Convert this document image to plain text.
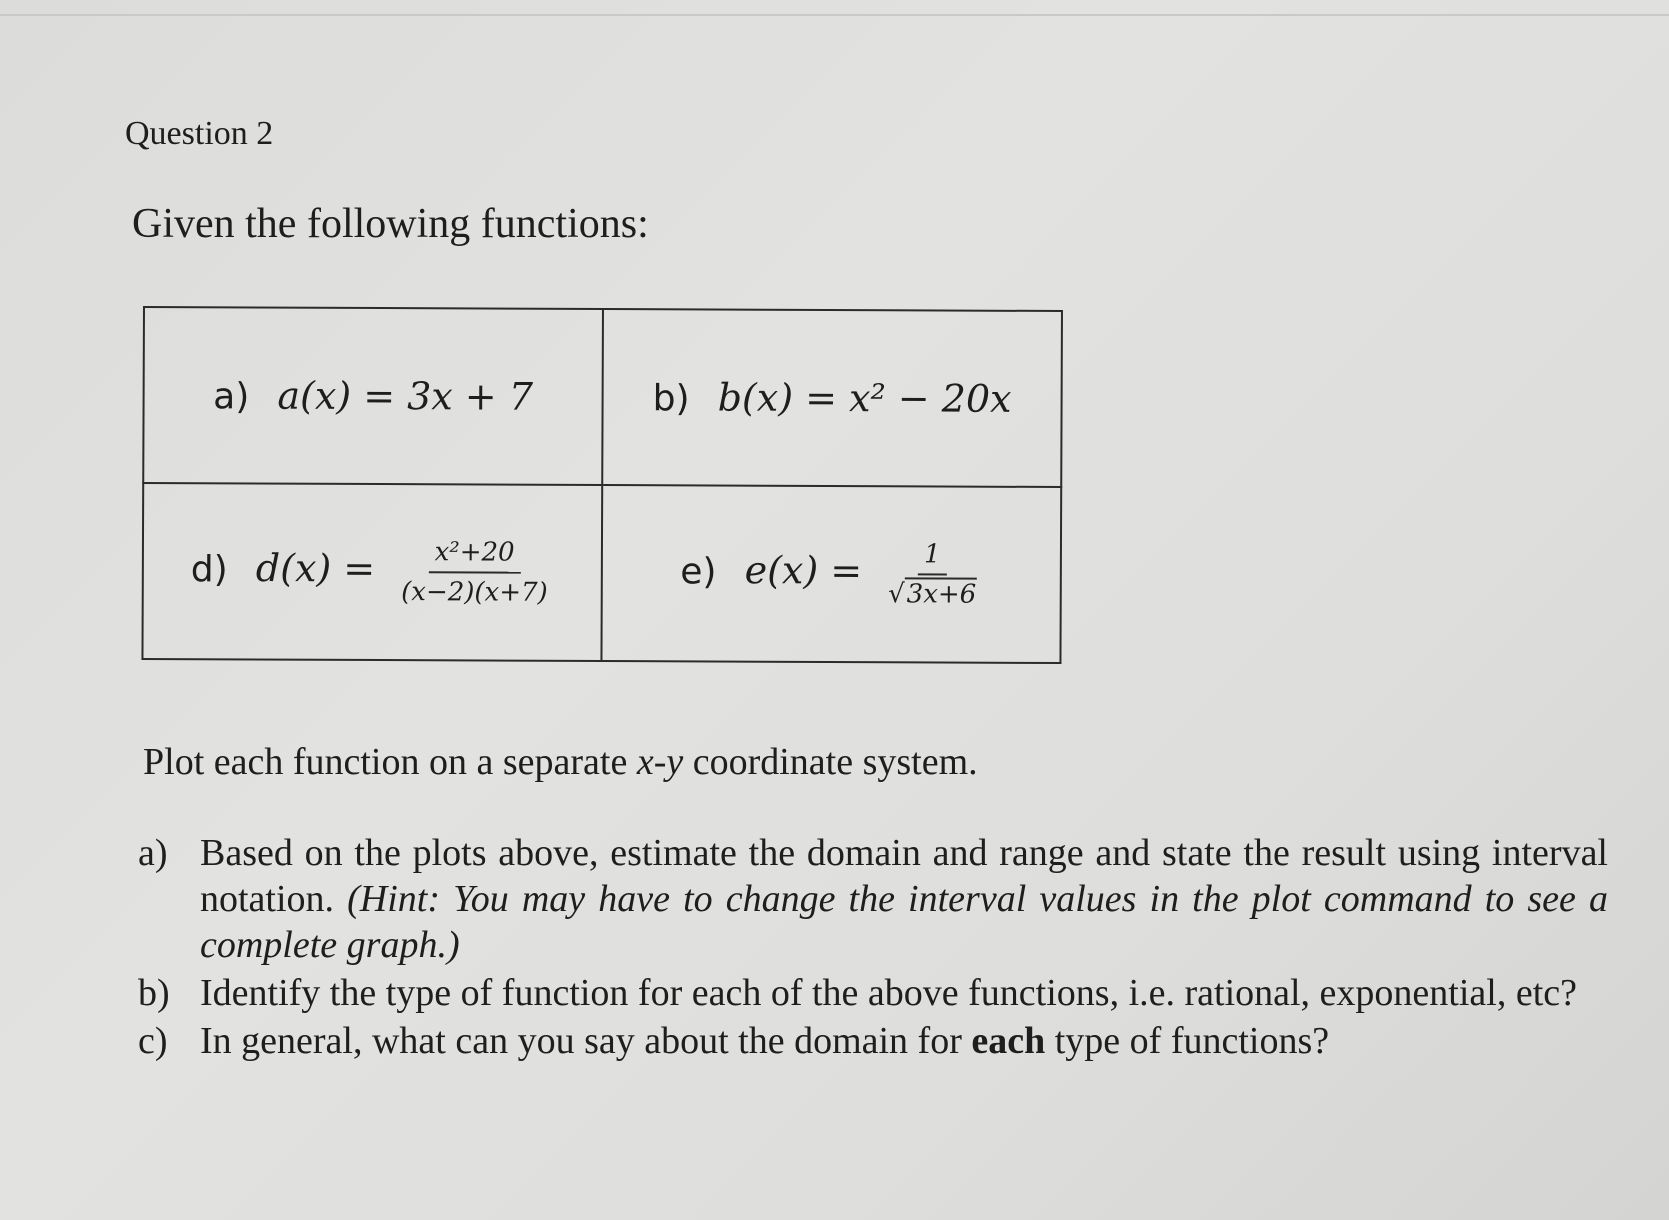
Question 2
Given the following functions:
a) a(x) = 3x + 7	b) b(x) = x² − 20x
d) $d(x) = \frac{\text{x²+20}}{(x-2)(x+7)}$	e) $e(x) = \frac{1}{√3x+6}$
Plot each function on a separate x-y coordinate system.
a) Based on the plots above, estimate the domain and range and state the result using interval notation. (Hint: You may have to change the interval values in the plot command to see a complete graph.)
b) Identify the type of function for each of the above functions, i.e. rational, exponential, etc?
c) In general, what can you say about the domain for each type of functions?
